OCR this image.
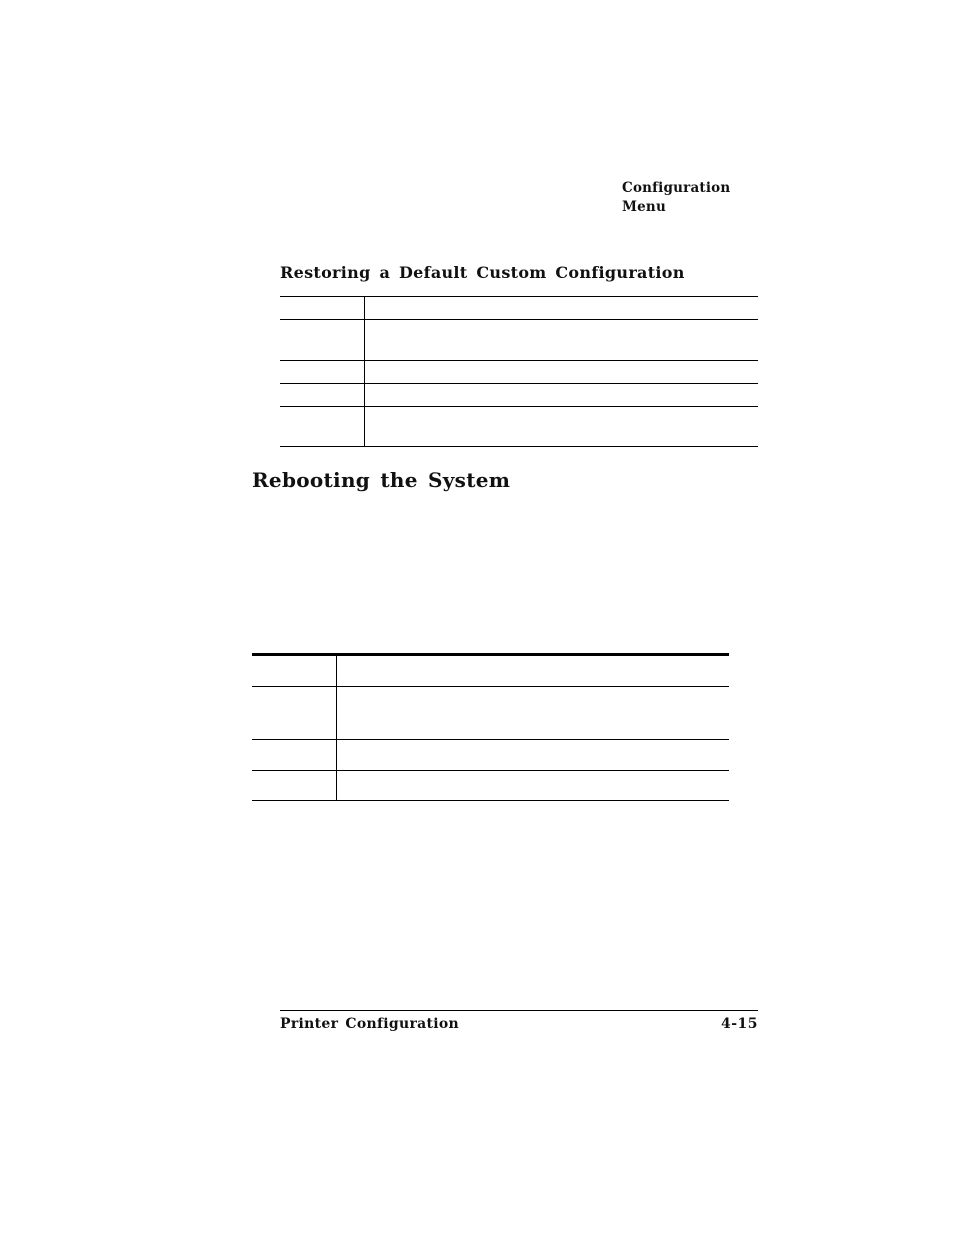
Configuration
Menu
Restoring a Default Custom Configuration

Rebooting the System

Printer Configuration	4-15
